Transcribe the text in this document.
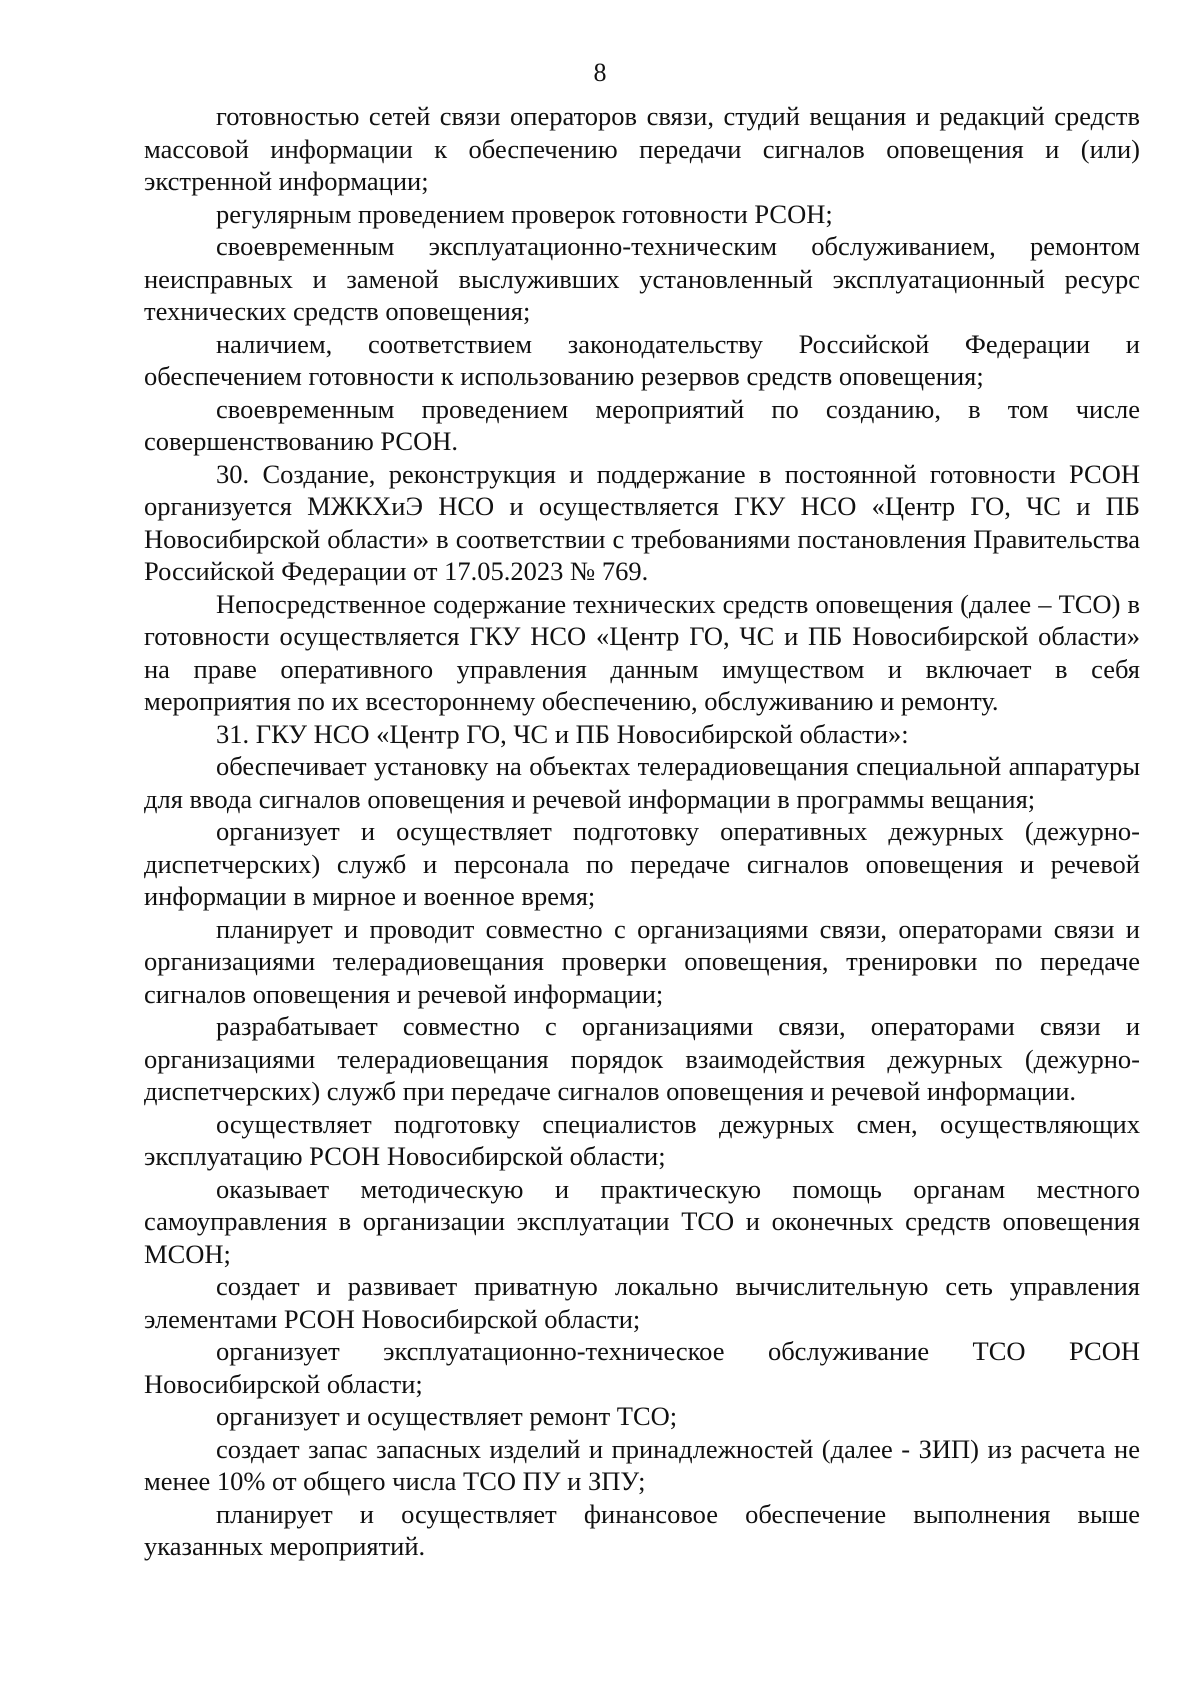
8

готовностью сетей связи операторов связи, студий вещания и редакций средств массовой информации к обеспечению передачи сигналов оповещения и (или) экстренной информации;

регулярным проведением проверок готовности РСОН;

своевременным эксплуатационно-техническим обслуживанием, ремонтом неисправных и заменой выслуживших установленный эксплуатационный ресурс технических средств оповещения;

наличием, соответствием законодательству Российской Федерации и обеспечением готовности к использованию резервов средств оповещения;

своевременным проведением мероприятий по созданию, в том числе совершенствованию РСОН.

30. Создание, реконструкция и поддержание в постоянной готовности РСОН организуется МЖКХиЭ НСО и осуществляется ГКУ НСО «Центр ГО, ЧС и ПБ Новосибирской области» в соответствии с требованиями постановления Правительства Российской Федерации от 17.05.2023 № 769.

Непосредственное содержание технических средств оповещения (далее – ТСО) в готовности осуществляется ГКУ НСО «Центр ГО, ЧС и ПБ Новосибирской области» на праве оперативного управления данным имуществом и включает в себя мероприятия по их всестороннему обеспечению, обслуживанию и ремонту.

31. ГКУ НСО «Центр ГО, ЧС и ПБ Новосибирской области»:

обеспечивает установку на объектах телерадиовещания специальной аппаратуры для ввода сигналов оповещения и речевой информации в программы вещания;

организует и осуществляет подготовку оперативных дежурных (дежурно-диспетчерских) служб и персонала по передаче сигналов оповещения и речевой информации в мирное и военное время;

планирует и проводит совместно с организациями связи, операторами связи и организациями телерадиовещания проверки оповещения, тренировки по передаче сигналов оповещения и речевой информации;

разрабатывает совместно с организациями связи, операторами связи и организациями телерадиовещания порядок взаимодействия дежурных (дежурно-диспетчерских) служб при передаче сигналов оповещения и речевой информации.

осуществляет подготовку специалистов дежурных смен, осуществляющих эксплуатацию РСОН Новосибирской области;

оказывает методическую и практическую помощь органам местного самоуправления в организации эксплуатации ТСО и оконечных средств оповещения МСОН;

создает и развивает приватную локально вычислительную сеть управления элементами РСОН Новосибирской области;

организует эксплуатационно-техническое обслуживание ТСО РСОН Новосибирской области;

организует и осуществляет ремонт ТСО;

создает запас запасных изделий и принадлежностей (далее - ЗИП) из расчета не менее 10% от общего числа ТСО ПУ и ЗПУ;

планирует и осуществляет финансовое обеспечение выполнения выше указанных мероприятий.
